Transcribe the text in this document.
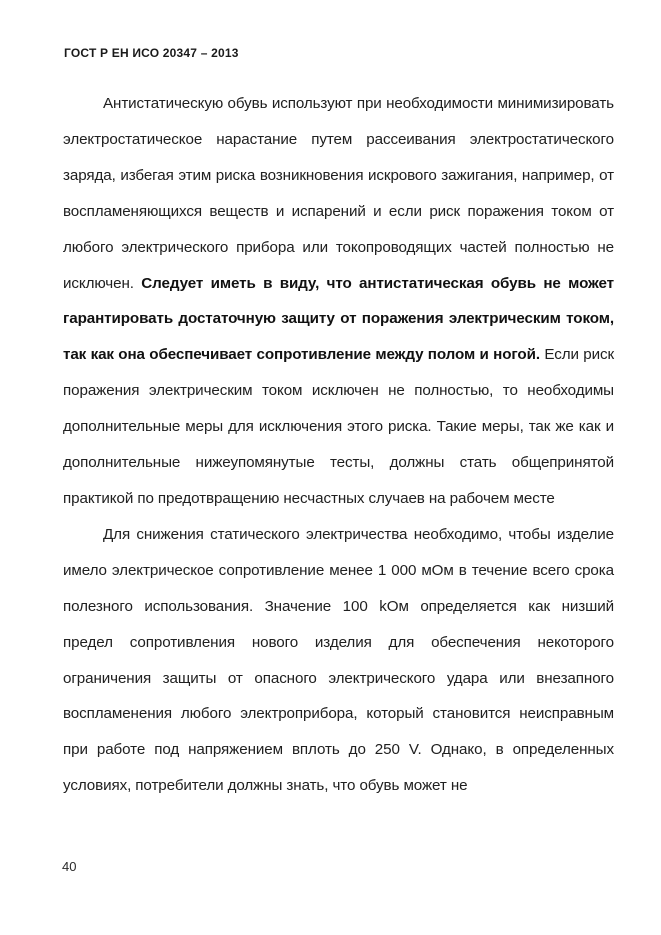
ГОСТ Р ЕН ИСО 20347 – 2013

Антистатическую обувь используют при необходимости минимизировать электростатическое нарастание путем рассеивания электростатического заряда, избегая этим риска возникновения искрового зажигания, например, от воспламеняющихся веществ и испарений и если риск поражения током от любого электрического прибора или токопроводящих частей полностью не исключен. Следует иметь в виду, что антистатическая обувь не может гарантировать достаточную защиту от поражения электрическим током, так как она обеспечивает сопротивление между полом и ногой. Если риск поражения электрическим током исключен не полностью, то необходимы дополнительные меры для исключения этого риска. Такие меры, так же как и дополнительные нижеупомянутые тесты, должны стать общепринятой практикой по предотвращению несчастных случаев на рабочем месте

Для снижения статического электричества необходимо, чтобы изделие имело электрическое сопротивление менее 1 000 мОм в течение всего срока полезного использования. Значение 100 kОм определяется как низший предел сопротивления нового изделия для обеспечения некоторого ограничения защиты от опасного электрического удара или внезапного воспламенения любого электроприбора, который становится неисправным при работе под напряжением вплоть до 250 V. Однако, в определенных условиях, потребители должны знать, что обувь может не

40
